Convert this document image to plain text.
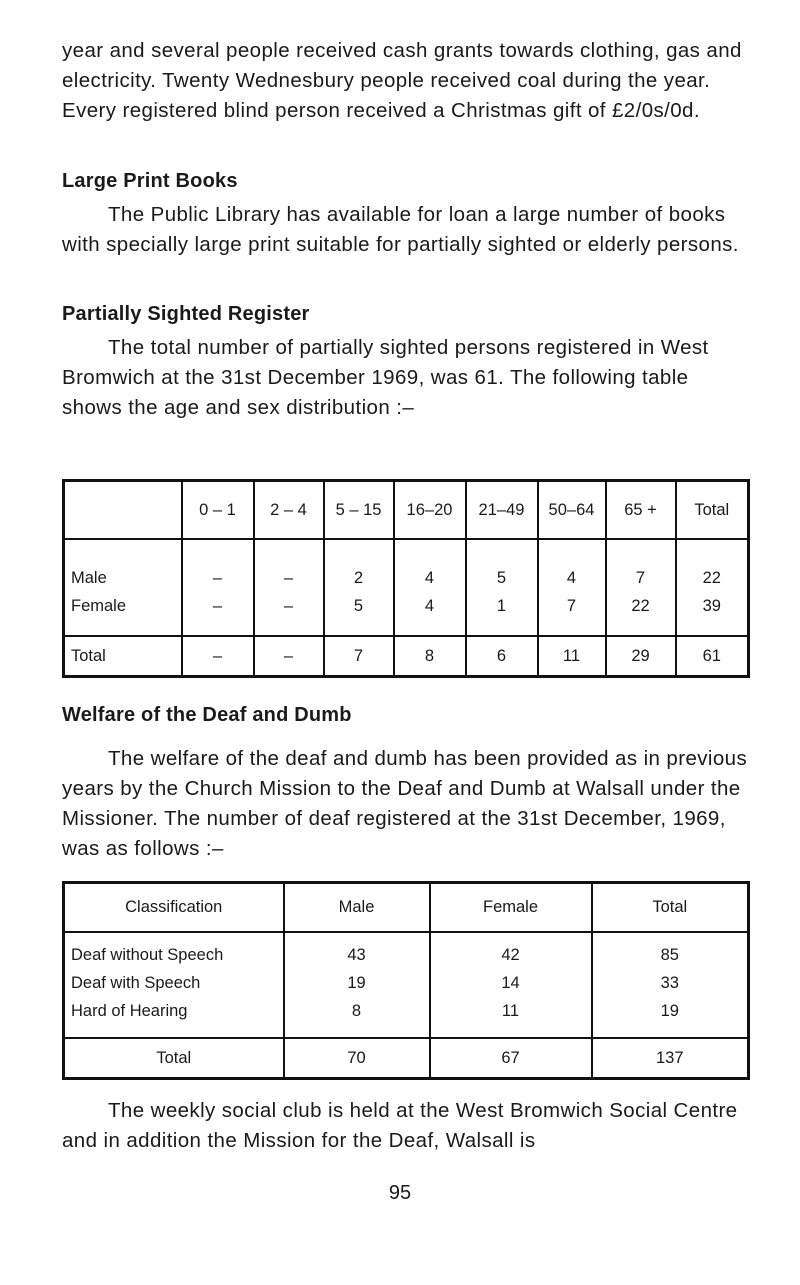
year and several people received cash grants towards clothing, gas and electricity. Twenty Wednesbury people received coal during the year. Every registered blind person received a Christmas gift of £2/0s/0d.

Large Print Books

The Public Library has available for loan a large number of books with specially large print suitable for partially sighted or elderly persons.

Partially Sighted Register

The total number of partially sighted persons registered in West Bromwich at the 31st December 1969, was 61. The following table shows the age and sex distribution :–

	0 – 1	2 – 4	5 – 15	16–20	21–49	50–64	65 +	Total
Male	–	–	2	4	5	4	7	22
Female	–	–	5	4	1	7	22	39
Total	–	–	7	8	6	11	29	61
Welfare of the Deaf and Dumb

The welfare of the deaf and dumb has been provided as in previous years by the Church Mission to the Deaf and Dumb at Walsall under the Missioner. The number of deaf registered at the 31st December, 1969, was as follows :–

Classification	Male	Female	Total
Deaf without Speech	43	42	85
Deaf with Speech	19	14	33
Hard of Hearing	8	11	19
Total	70	67	137

The weekly social club is held at the West Bromwich Social Centre and in addition the Mission for the Deaf, Walsall is

95
